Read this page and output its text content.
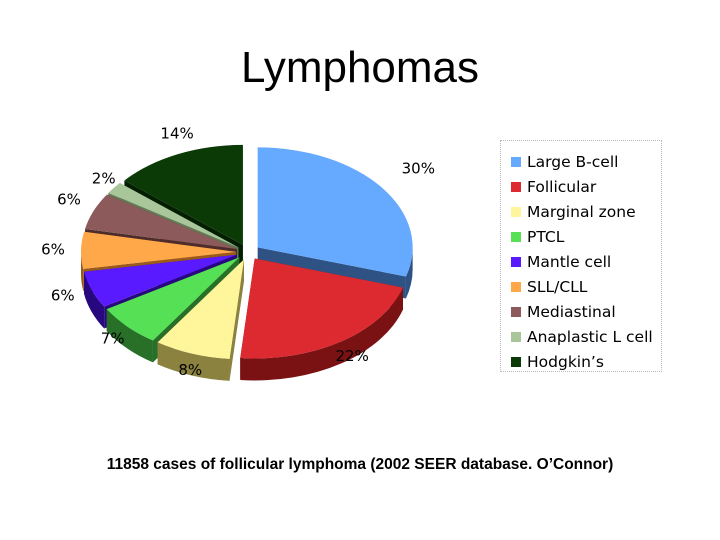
Lymphomas
30%
22%
8%
7%
6%
6%
6%
2%
14%
Large B-cell
Follicular
Marginal zone
PTCL
Mantle cell
SLL/CLL
Mediastinal
Anaplastic L cell
Hodgkin’s
11858 cases of follicular lymphoma (2002 SEER database. O’Connor)
